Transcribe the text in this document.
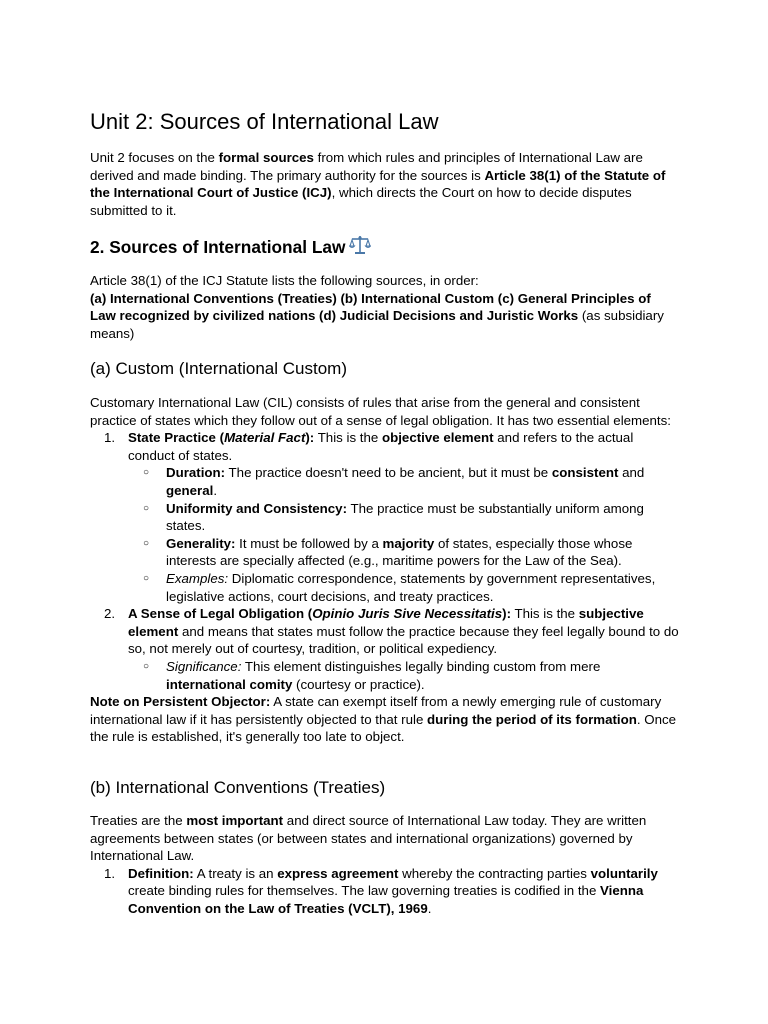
Unit 2: Sources of International Law

Unit 2 focuses on the formal sources from which rules and principles of International Law are derived and made binding. The primary authority for the sources is Article 38(1) of the Statute of the International Court of Justice (ICJ), which directs the Court on how to decide disputes submitted to it.

2. Sources of International Law

Article 38(1) of the ICJ Statute lists the following sources, in order:

(a) International Conventions (Treaties) (b) International Custom (c) General Principles of Law recognized by civilized nations (d) Judicial Decisions and Juristic Works (as subsidiary means)

(a) Custom (International Custom)

Customary International Law (CIL) consists of rules that arise from the general and consistent practice of states which they follow out of a sense of legal obligation. It has two essential elements:

1. State Practice (Material Fact): This is the objective element and refers to the actual conduct of states.
○ Duration: The practice doesn't need to be ancient, but it must be consistent and general.
○ Uniformity and Consistency: The practice must be substantially uniform among states.
○ Generality: It must be followed by a majority of states, especially those whose interests are specially affected (e.g., maritime powers for the Law of the Sea).
○ Examples: Diplomatic correspondence, statements by government representatives, legislative actions, court decisions, and treaty practices.
2. A Sense of Legal Obligation (Opinio Juris Sive Necessitatis): This is the subjective element and means that states must follow the practice because they feel legally bound to do so, not merely out of courtesy, tradition, or political expediency.
○ Significance: This element distinguishes legally binding custom from mere international comity (courtesy or practice).

Note on Persistent Objector: A state can exempt itself from a newly emerging rule of customary international law if it has persistently objected to that rule during the period of its formation. Once the rule is established, it's generally too late to object.

(b) International Conventions (Treaties)

Treaties are the most important and direct source of International Law today. They are written agreements between states (or between states and international organizations) governed by International Law.

1. Definition: A treaty is an express agreement whereby the contracting parties voluntarily create binding rules for themselves. The law governing treaties is codified in the Vienna Convention on the Law of Treaties (VCLT), 1969.
